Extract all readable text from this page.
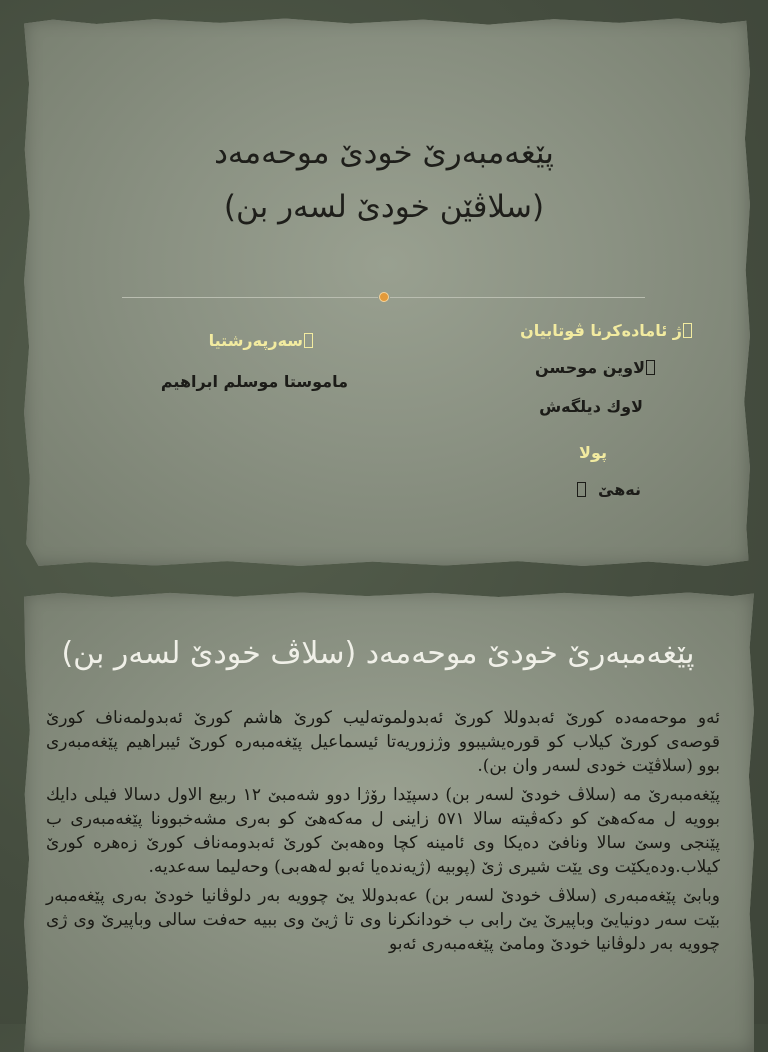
پێغەمبەرێ خودێ موحەمەد
(سلاڤێن خودێ لسەر بن)
ژ ئامادەکرنا ڤوتابیان
لاوین موحسن
لاوك دیلگەش
پولا
نەهێ
سەرپەرشتیا
ماموستا موسلم ابراهیم
پێغەمبەرێ خودێ موحەمەد (سلاڤ خودێ لسەر بن)

ئەو موحەمەدە کورێ ئەبدوللا کورێ ئەبدولموتەلیب کورێ هاشم کورێ ئەبدولمەناف کورێ قوصەی کورێ کیلاب کو قورەیشیبوو وژزوریەتا ئیسماعیل پێغەمبەرە کورێ ئیبراهیم پێغەمبەری بوو (سلاڤێت خودی لسەر وان بن).

پێغەمبەرێ مە (سلاڤ خودێ لسەر بن) دسپێدا رۆژا دوو شەمبێ ١٢ ربیع الاول دسالا فیلی دایك بوویە ل مەکەهێ کو دکەڤیتە سالا ٥٧١ زاینی ل مەکەهێ کو بەری مشەخبوونا پێغەمبەری ب پێنجی وسێ سالا ونافێ دەیکا وی ئامینە کچا وەهەبێ کورێ ئەبدومەناف کورێ زەهرە کورێ کیلاب.ودەیکێت وی یێت شیری ژێ (پوبیە (ژیەندەیا ئەبو لەهەبی) وحەلیما سەعدیە.

وبابێ پێغەمبەری (سلاڤ خودێ لسەر بن) عەبدوللا یێ چوویە بەر دلوڤانیا خودێ بەری پێغەمبەر بێت سەر دونیایێ وباپیرێ یێ رابی ب خودانکرنا وی تا ژیێ وی ببیە حەفت سالی وباپیرێ وی ژی چوویە بەر دلوڤانیا خودێ ومامێ پێغەمبەری ئەبو
